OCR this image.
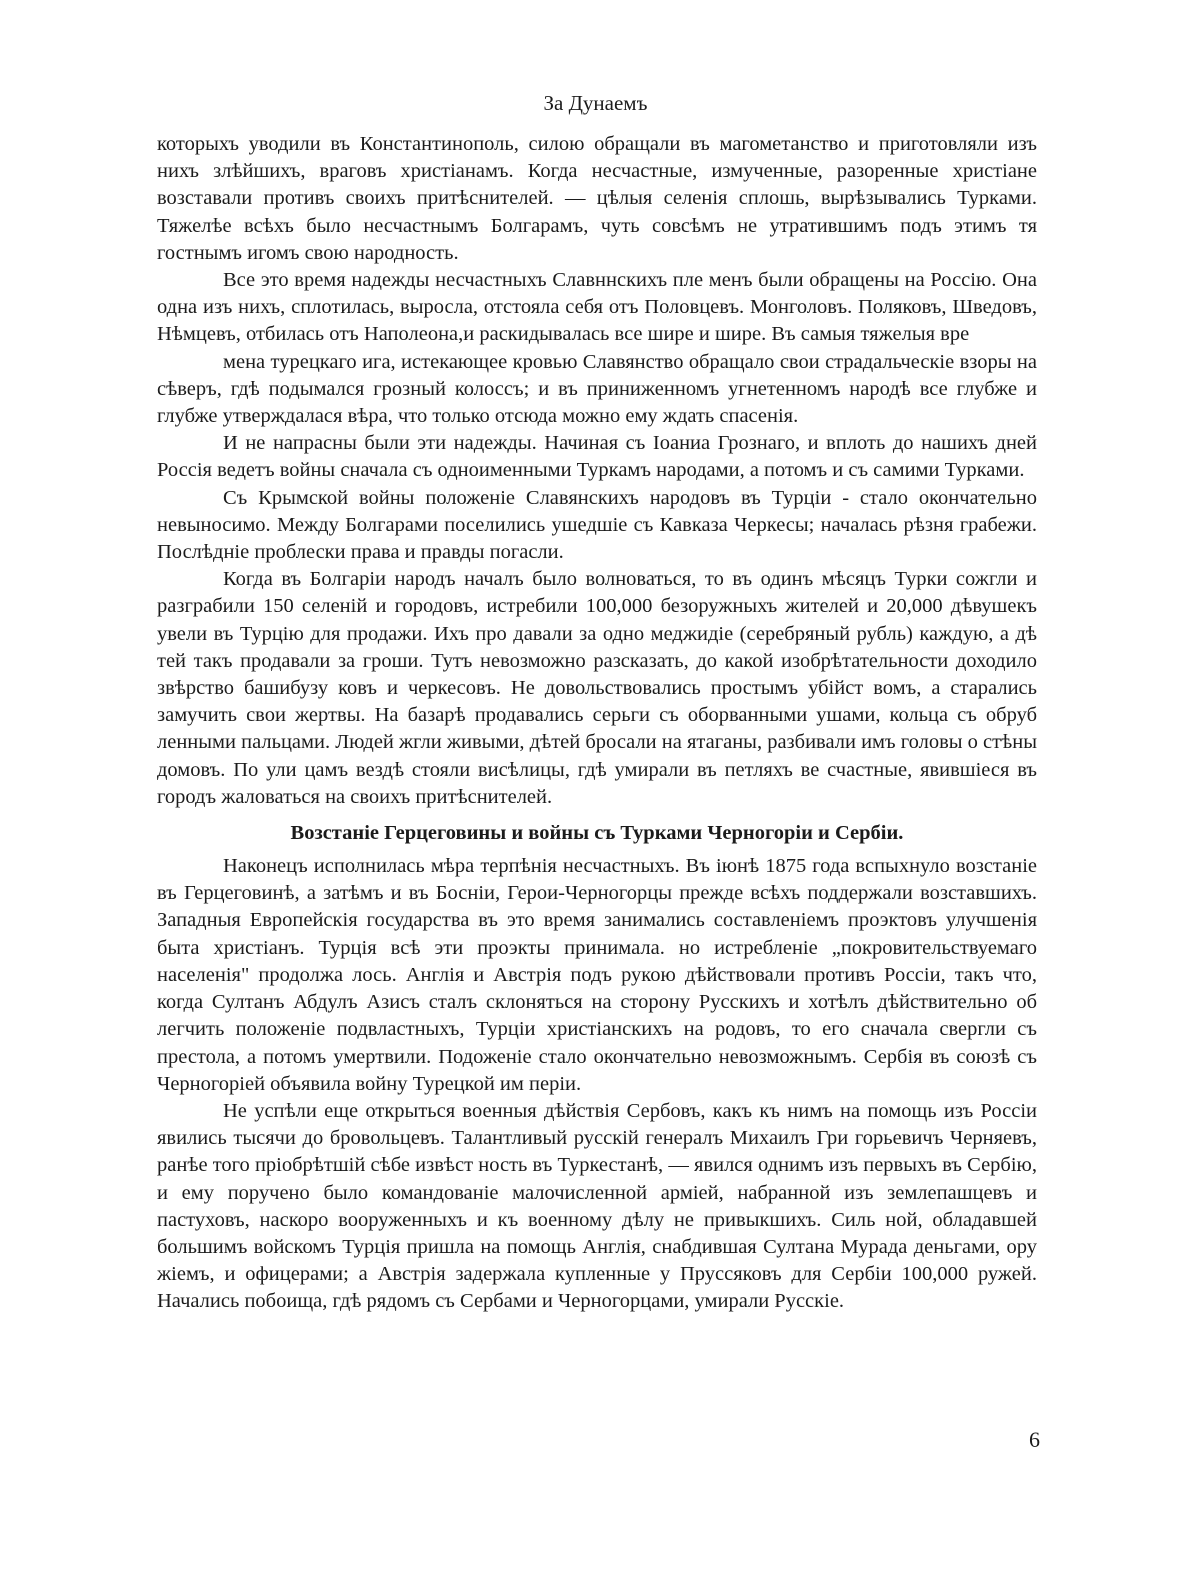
За Дунаемъ

которыхъ уводили въ Константинополь, силою обращали въ магометанство и приготовляли изъ нихъ злѣйшихъ, враговъ христіанамъ. Когда несчастные, измученные, разоренные христіане возставали противъ своихъ притѣснителей. — цѣлыя селенія сплошь, вырѣзывались Турками. Тяжелѣе всѣхъ было несчастнымъ Болгарамъ, чуть совсѣмъ не утратившимъ подъ этимъ тя гостнымъ игомъ свою народность.

Все это время надежды несчастныхъ Славннскихъ пле менъ были обращены на Россію. Она одна изъ нихъ, сплотилась, выросла, отстояла себя отъ Половцевъ. Монголовъ. Поляковъ, Шведовъ, Нѣмцевъ, отбилась отъ Наполеона,и раскидывалась все шире и шире. Въ самыя тяжелыя вре

мена турецкаго ига, истекающее кровью Славянство обращало свои страдальческіе взоры на сѣверъ, гдѣ подымался грозный колоссъ; и въ приниженномъ угнетенномъ народѣ все глубже и глубже утверждалася вѣра, что только отсюда можно ему ждать спасенія.

И не напрасны были эти надежды. Начиная съ Іоаниа Грознаго, и вплоть до нашихъ дней Россія ведетъ войны сначала съ одноименными Туркамъ народами, а потомъ и съ самими Турками.

Съ Крымской войны положеніе Славянскихъ народовъ въ Турціи - стало окончательно невыносимо. Между Болгарами поселились ушедшіе съ Кавказа Черкесы; началась рѣзня грабежи. Послѣдніе проблески права и правды погасли.

Когда въ Болгаріи народъ началъ было волноваться, то въ одинъ мѣсяцъ Турки сожгли и разграбили 150 селеній и городовъ, истребили 100,000 безоружныхъ жителей и 20,000 дѣвушекъ увели въ Турцію для продажи. Ихъ про давали за одно меджидіе (серебряный рубль) каждую, а дѣ тей такъ продавали за гроши. Тутъ невозможно разсказать, до какой изобрѣтательности доходило звѣрство башибузу ковъ и черкесовъ. Не довольствовались простымъ убійст вомъ, а старались замучить свои жертвы. На базарѣ продавались серьги съ оборванными ушами, кольца съ обруб ленными пальцами. Людей жгли живыми, дѣтей бросали на ятаганы, разбивали имъ головы о стѣны домовъ. По ули цамъ вездѣ стояли висѣлицы, гдѣ умирали въ петляхъ ве счастные, явившіеся въ городъ жаловаться на своихъ притѣснителей.

Возстаніе Герцеговины и войны съ Турками Черногоріи и Сербіи.

Наконецъ исполнилась мѣра терпѣнія несчастныхъ. Въ іюнѣ 1875 года вспыхнуло возстаніе въ Герцеговинѣ, а затѣмъ и въ Босніи, Герои-Черногорцы прежде всѣхъ поддержали возставшихъ. Западныя Европейскія государства въ это время занимались составленіемъ проэктовъ улучшенія быта христіанъ. Турція всѣ эти проэкты принимала. но истребленіе „покровительствуемаго населенія" продолжа лось. Англія и Австрія подъ рукою дѣйствовали противъ Россіи, такъ что, когда Султанъ Абдулъ Азисъ сталъ склоняться на сторону Русскихъ и хотѣлъ дѣйствительно об легчить положеніе подвластныхъ, Турціи христіанскихъ на родовъ, то его сначала свергли съ престола, а потомъ умертвили. Подоженіе стало окончательно невозможнымъ. Сербія въ союзѣ съ Черногоріей объявила войну Турецкой им періи.

Не успѣли еще открыться военныя дѣйствія Сербовъ, какъ къ нимъ на помощь изъ Россіи явились тысячи до бровольцевъ. Талантливый русскій генералъ Михаилъ Гри горьевичъ Черняевъ, ранѣе того пріобрѣтшій сѣбе извѣст ность въ Туркестанѣ, — явился однимъ изъ первыхъ въ Сербію, и ему поручено было командованіе малочисленной арміей, набранной изъ землепашцевъ и пастуховъ, наскоро вооруженныхъ и къ военному дѣлу не привыкшихъ. Силь ной, обладавшей большимъ войскомъ Турція пришла на помощь Англія, снабдившая Султана Мурада деньгами, ору жіемъ, и офицерами; а Австрія задержала купленные у Пруссяковъ для Сербіи 100,000 ружей. Начались побоища, гдѣ рядомъ съ Сербами и Черногорцами, умирали Русскіе.

6
